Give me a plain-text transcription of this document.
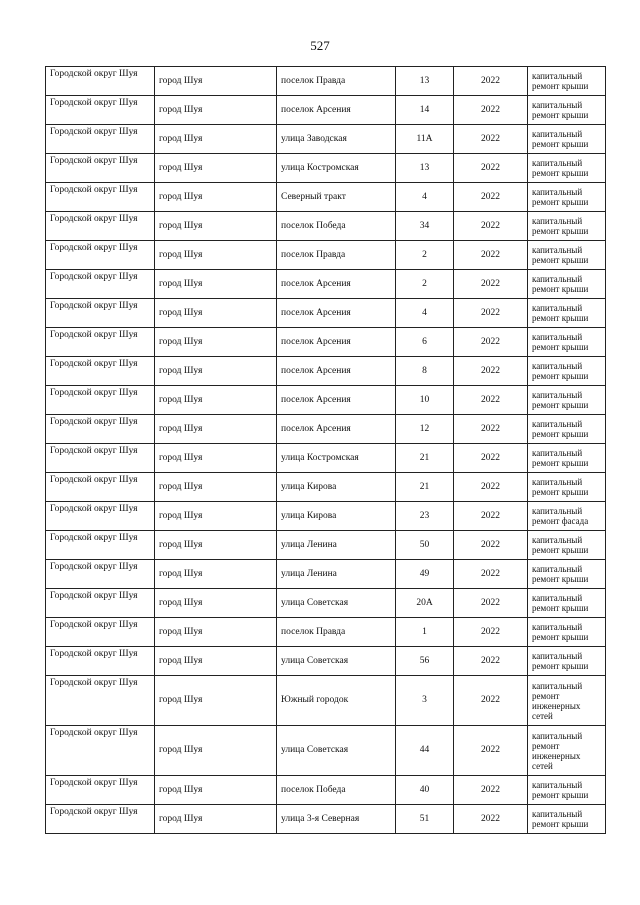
527
Городской округ Шуя	город Шуя	поселок Правда	13	2022	капитальный ремонт крыши
Городской округ Шуя	город Шуя	поселок Арсения	14	2022	капитальный ремонт крыши
Городской округ Шуя	город Шуя	улица Заводская	11А	2022	капитальный ремонт крыши
Городской округ Шуя	город Шуя	улица Костромская	13	2022	капитальный ремонт крыши
Городской округ Шуя	город Шуя	Северный тракт	4	2022	капитальный ремонт крыши
Городской округ Шуя	город Шуя	поселок Победа	34	2022	капитальный ремонт крыши
Городской округ Шуя	город Шуя	поселок Правда	2	2022	капитальный ремонт крыши
Городской округ Шуя	город Шуя	поселок Арсения	2	2022	капитальный ремонт крыши
Городской округ Шуя	город Шуя	поселок Арсения	4	2022	капитальный ремонт крыши
Городской округ Шуя	город Шуя	поселок Арсения	6	2022	капитальный ремонт крыши
Городской округ Шуя	город Шуя	поселок Арсения	8	2022	капитальный ремонт крыши
Городской округ Шуя	город Шуя	поселок Арсения	10	2022	капитальный ремонт крыши
Городской округ Шуя	город Шуя	поселок Арсения	12	2022	капитальный ремонт крыши
Городской округ Шуя	город Шуя	улица Костромская	21	2022	капитальный ремонт крыши
Городской округ Шуя	город Шуя	улица Кирова	21	2022	капитальный ремонт крыши
Городской округ Шуя	город Шуя	улица Кирова	23	2022	капитальный ремонт фасада
Городской округ Шуя	город Шуя	улица Ленина	50	2022	капитальный ремонт крыши
Городской округ Шуя	город Шуя	улица Ленина	49	2022	капитальный ремонт крыши
Городской округ Шуя	город Шуя	улица Советская	20А	2022	капитальный ремонт крыши
Городской округ Шуя	город Шуя	поселок Правда	1	2022	капитальный ремонт крыши
Городской округ Шуя	город Шуя	улица Советская	56	2022	капитальный ремонт крыши
Городской округ Шуя	город Шуя	Южный городок	3	2022	капитальный ремонт инженерных сетей
Городской округ Шуя	город Шуя	улица Советская	44	2022	капитальный ремонт инженерных сетей
Городской округ Шуя	город Шуя	поселок Победа	40	2022	капитальный ремонт крыши
Городской округ Шуя	город Шуя	улица 3-я Северная	51	2022	капитальный ремонт крыши
